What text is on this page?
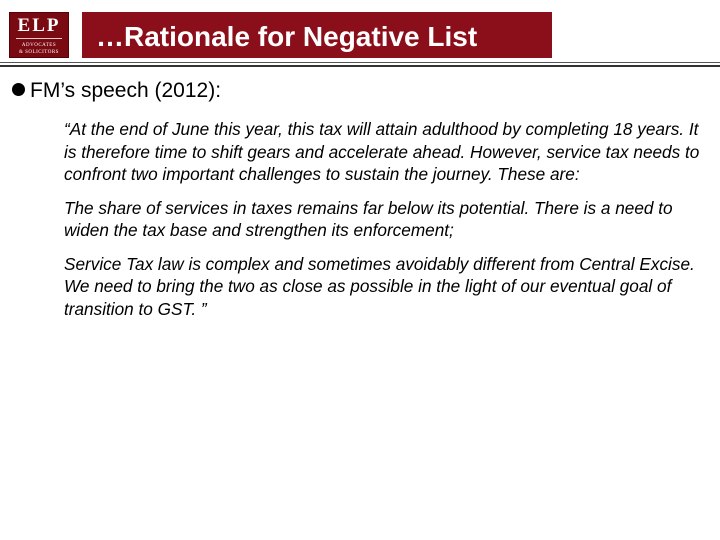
ELP
ADVOCATES
& SOLICITORS
…Rationale for Negative List
FM’s speech (2012):

“At the end of June this year, this tax will attain adulthood by completing 18 years. It is therefore time to shift gears and accelerate ahead. However, service tax needs to confront two important challenges to sustain the journey. These are:

The share of services in taxes remains far below its potential. There is a need to widen the tax base and strengthen its enforcement;

Service Tax law is complex and sometimes avoidably different from Central Excise. We need to bring the two as close as possible in the light of our eventual goal of transition to GST. ”
